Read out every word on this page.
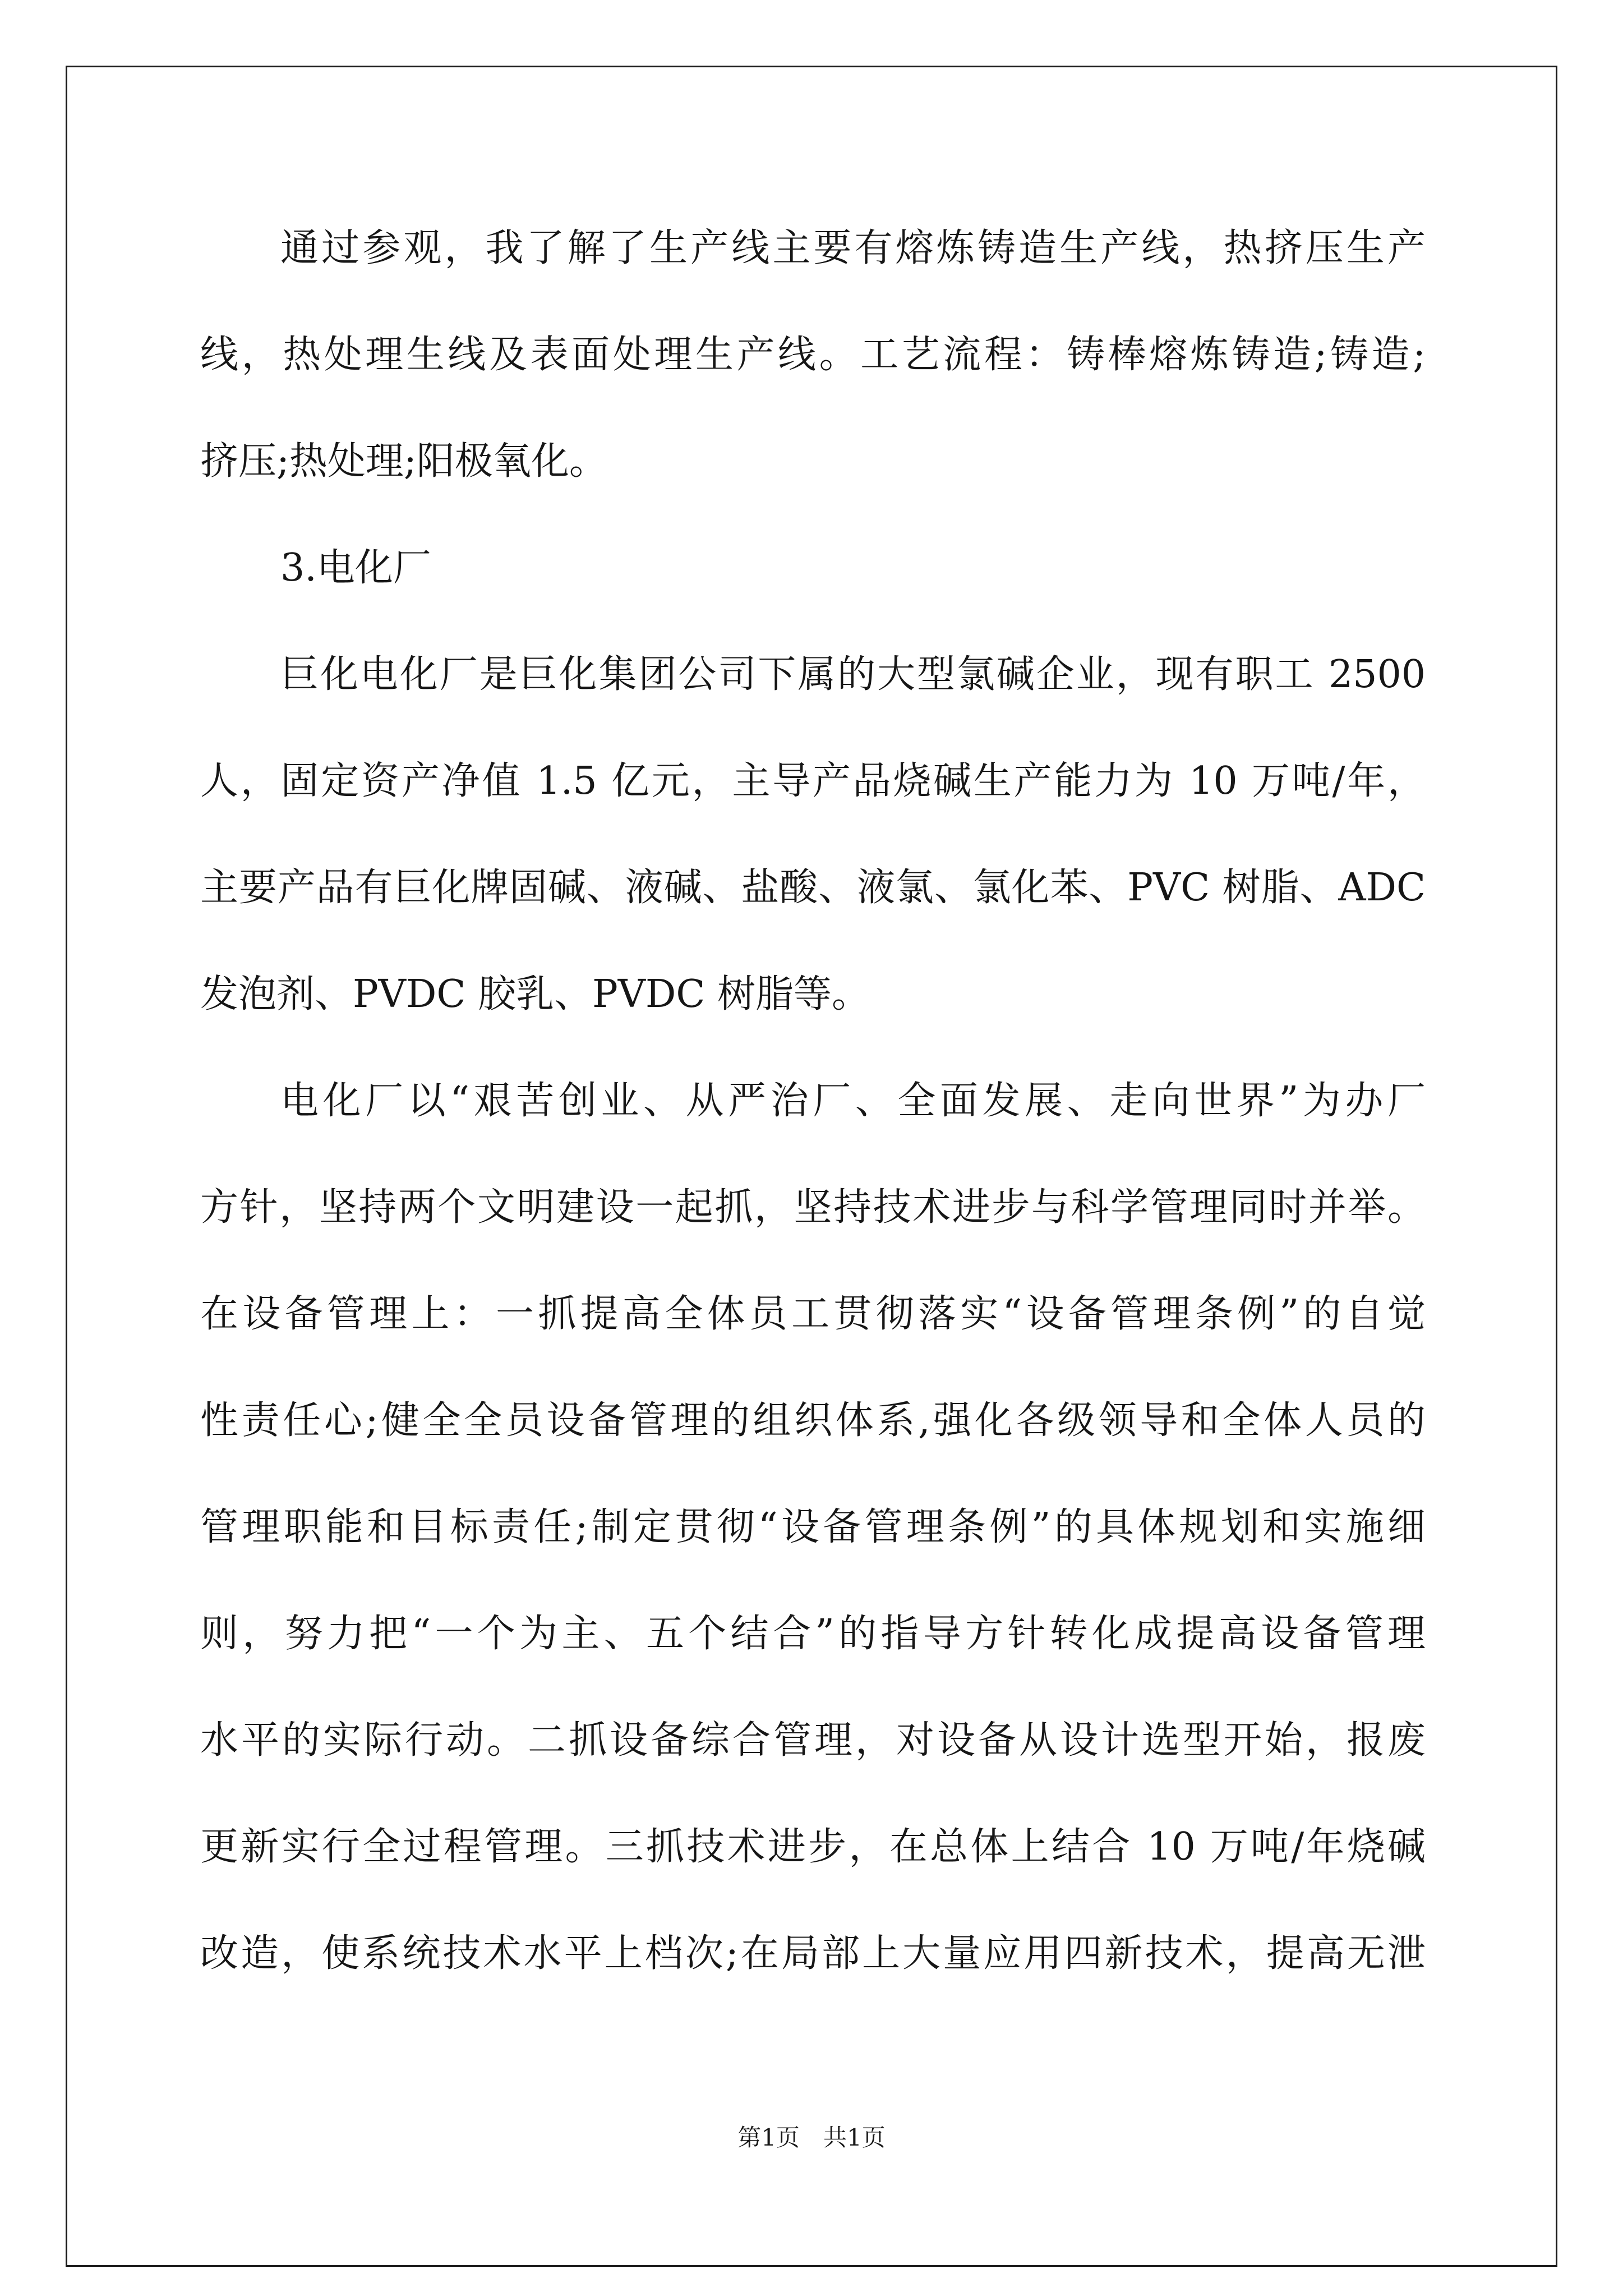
通过参观，我了解了生产线主要有熔炼铸造生产线，热挤压生产
线，热处理生线及表面处理生产线。工艺流程：铸棒熔炼铸造;铸造;
挤压;热处理;阳极氧化。
3.电化厂
巨化电化厂是巨化集团公司下属的大型氯碱企业，现有职工 2500
人，固定资产净值 1.5 亿元，主导产品烧碱生产能力为 10 万吨/年，
主要产品有巨化牌固碱、液碱、盐酸、液氯、氯化苯、PVC 树脂、ADC
发泡剂、PVDC 胶乳、PVDC 树脂等。
电化厂以“艰苦创业、从严治厂、全面发展、走向世界”为办厂
方针，坚持两个文明建设一起抓，坚持技术进步与科学管理同时并举。
在设备管理上：一抓提高全体员工贯彻落实“设备管理条例”的自觉
性责任心;健全全员设备管理的组织体系,强化各级领导和全体人员的
管理职能和目标责任;制定贯彻“设备管理条例”的具体规划和实施细
则，努力把“一个为主、五个结合”的指导方针转化成提高设备管理
水平的实际行动。二抓设备综合管理，对设备从设计选型开始，报废
更新实行全过程管理。三抓技术进步，在总体上结合 10 万吨/年烧碱
改造，使系统技术水平上档次;在局部上大量应用四新技术，提高无泄
第1页　共1页
